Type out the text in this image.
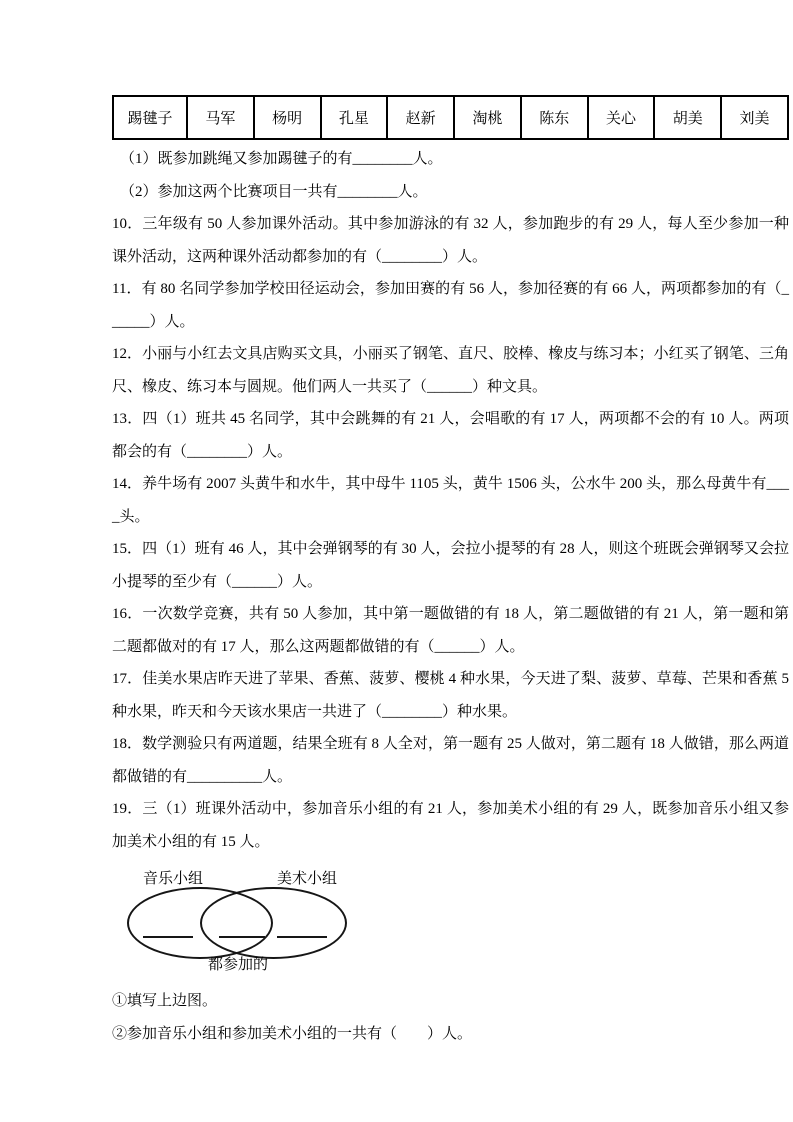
踢毽子	马军	杨明	孔星	赵新	淘桃	陈东	关心	胡美	刘美

（1）既参加跳绳又参加踢毽子的有________人。

（2）参加这两个比赛项目一共有________人。

10．三年级有 50 人参加课外活动。其中参加游泳的有 32 人，参加跑步的有 29 人，每人至少参加一种课外活动，这两种课外活动都参加的有（________）人。

11．有 80 名同学参加学校田径运动会，参加田赛的有 56 人，参加径赛的有 66 人，两项都参加的有（______）人。

12．小丽与小红去文具店购买文具，小丽买了钢笔、直尺、胶棒、橡皮与练习本；小红买了钢笔、三角尺、橡皮、练习本与圆规。他们两人一共买了（______）种文具。

13．四（1）班共 45 名同学，其中会跳舞的有 21 人，会唱歌的有 17 人，两项都不会的有 10 人。两项都会的有（________）人。

14．养牛场有 2007 头黄牛和水牛，其中母牛 1105 头，黄牛 1506 头，公水牛 200 头，那么母黄牛有____头。

15．四（1）班有 46 人，其中会弹钢琴的有 30 人，会拉小提琴的有 28 人，则这个班既会弹钢琴又会拉小提琴的至少有（______）人。

16．一次数学竞赛，共有 50 人参加，其中第一题做错的有 18 人，第二题做错的有 21 人，第一题和第二题都做对的有 17 人，那么这两题都做错的有（______）人。

17．佳美水果店昨天进了苹果、香蕉、菠萝、樱桃 4 种水果，今天进了梨、菠萝、草莓、芒果和香蕉 5 种水果，昨天和今天该水果店一共进了（________）种水果。

18．数学测验只有两道题，结果全班有 8 人全对，第一题有 25 人做对，第二题有 18 人做错，那么两道都做错的有__________人。

19．三（1）班课外活动中，参加音乐小组的有 21 人，参加美术小组的有 29 人，既参加音乐小组又参加美术小组的有 15 人。

音乐小组	美术小组
都参加的

①填写上边图。

②参加音乐小组和参加美术小组的一共有（　　）人。
